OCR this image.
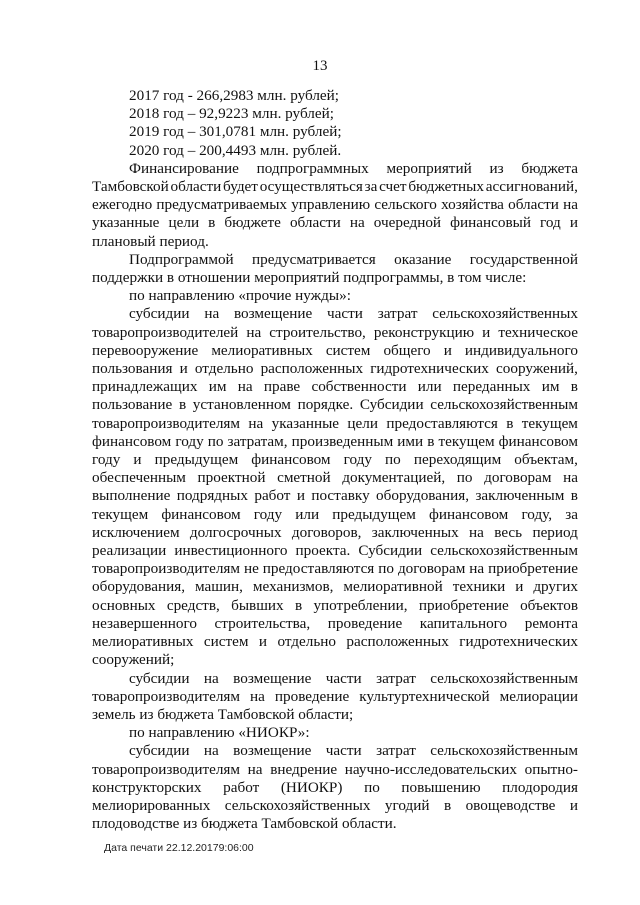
13
2017 год - 266,2983 млн. рублей;
2018 год – 92,9223 млн. рублей;
2019 год – 301,0781 млн. рублей;
2020 год – 200,4493 млн. рублей.
Финансирование подпрограммных мероприятий из бюджета
Тамбовской области будет осуществляться за счет бюджетных ассигнований,
ежегодно предусматриваемых управлению сельского хозяйства области на
указанные цели в бюджете области на очередной финансовый год и
плановый период.
Подпрограммой предусматривается оказание государственной
поддержки в отношении мероприятий подпрограммы, в том числе:
по направлению «прочие нужды»:
субсидии на возмещение части затрат сельскохозяйственных
товаропроизводителей на строительство, реконструкцию и техническое
перевооружение мелиоративных систем общего и индивидуального
пользования и отдельно расположенных гидротехнических сооружений,
принадлежащих им на праве собственности или переданных им в
пользование в установленном порядке. Субсидии сельскохозяйственным
товаропроизводителям на указанные цели предоставляются в текущем
финансовом году по затратам, произведенным ими в текущем финансовом
году и предыдущем финансовом году по переходящим объектам,
обеспеченным проектной сметной документацией, по договорам на
выполнение подрядных работ и поставку оборудования, заключенным в
текущем финансовом году или предыдущем финансовом году, за
исключением долгосрочных договоров, заключенных на весь период
реализации инвестиционного проекта. Субсидии сельскохозяйственным
товаропроизводителям не предоставляются по договорам на приобретение
оборудования, машин, механизмов, мелиоративной техники и других
основных средств, бывших в употреблении, приобретение объектов
незавершенного строительства, проведение капитального ремонта
мелиоративных систем и отдельно расположенных гидротехнических
сооружений;
субсидии на возмещение части затрат сельскохозяйственным
товаропроизводителям на проведение культуртехнической мелиорации
земель из бюджета Тамбовской области;
по направлению «НИОКР»:
субсидии на возмещение части затрат сельскохозяйственным
товаропроизводителям на внедрение научно-исследовательских опытно-
конструкторских работ (НИОКР) по повышению плодородия
мелиорированных сельскохозяйственных угодий в овощеводстве и
плодоводстве из бюджета Тамбовской области.
Дата печати 22.12.20179:06:00
